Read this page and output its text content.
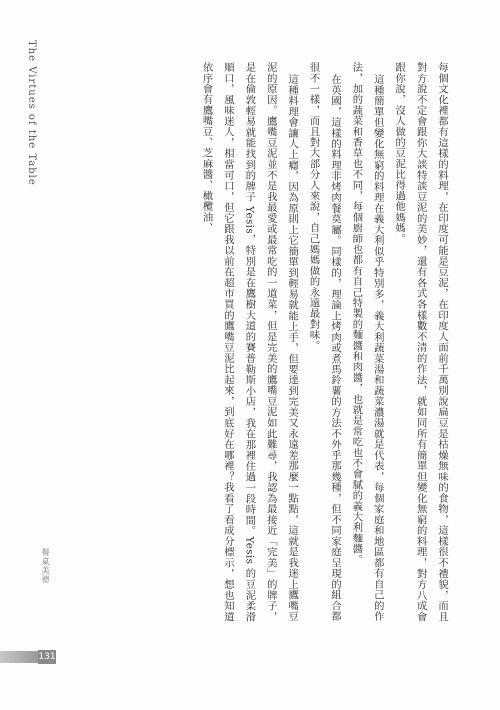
The Virtues of the Table	每個文化裡都有這樣的料理，在印度可能是豆泥，在印度人面前千萬別說扁豆是枯燥無味的食物，這樣很不禮貌，而且對方說不定會跟你大談特談豆泥的美妙，還有各式各樣數不清的作法，就如同所有簡單但變化無窮的料理，對方八成會跟你說，沒人做的豆泥比得過他媽媽。

這種簡單但變化無窮的料理在義大利似乎特別多，義大利蔬菜湯和蔬菜濃湯就是代表，每個家庭和地區都有自己的作法，加的蔬菜和香草也不同，每個廚師也都有自己特製的麵醬和肉醬，也就是常吃也不會膩的義大利麵醬。

在英國，這樣的料理非烤肉餐莫屬。同樣的，理論上烤肉或煮馬鈴薯的方法不外乎那幾種，但不同家庭呈現的組合都很不一樣，而且對大部分人來說，自己媽媽做的永遠最對味。

這種料理會讓人上癮，因為原則上它簡單到輕易就能上手，但要達到完美又永遠差那麼一點點，這就是我迷上鷹嘴豆泥的原因。鷹嘴豆泥並不是我最愛或最常吃的一道菜，但是完美的鷹嘴豆泥如此難尋，我認為最接近「完美」的牌子，是在倫敦輕易就能找到的牌子 Yesis，特別是在鷹樹大道的賽普勒斯小店，我在那裡住過一段時間。Yesis 的豆泥柔滑順口，風味迷人，相當可口，但它跟我以前在超市買的鷹嘴豆泥比起來，到底好在哪裡？我看了看成分標示，想也知道依序會有鷹嘴豆、芝麻醬、橄欖油、

餐桌美德
131
